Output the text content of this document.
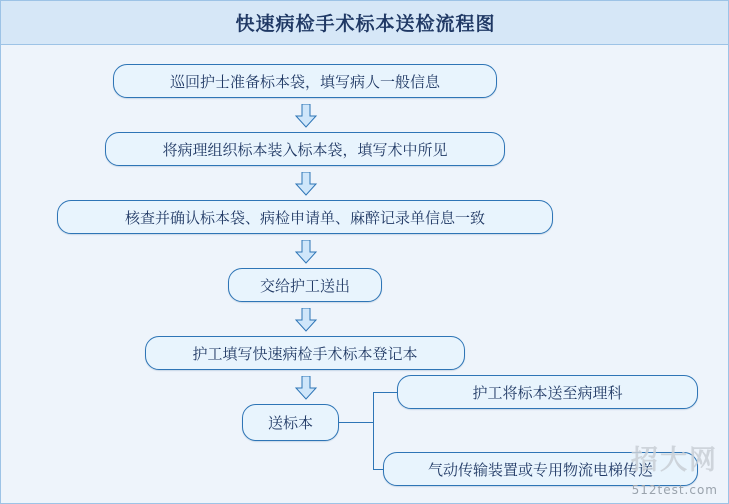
快速病检手术标本送检流程图
巡回护士准备标本袋，填写病人一般信息
将病理组织标本装入标本袋，填写术中所见
核查并确认标本袋、病检申请单、麻醉记录单信息一致
交给护工送出
护工填写快速病检手术标本登记本
送标本
护工将标本送至病理科
气动传输装置或专用物流电梯传送
招大网
512test.com
